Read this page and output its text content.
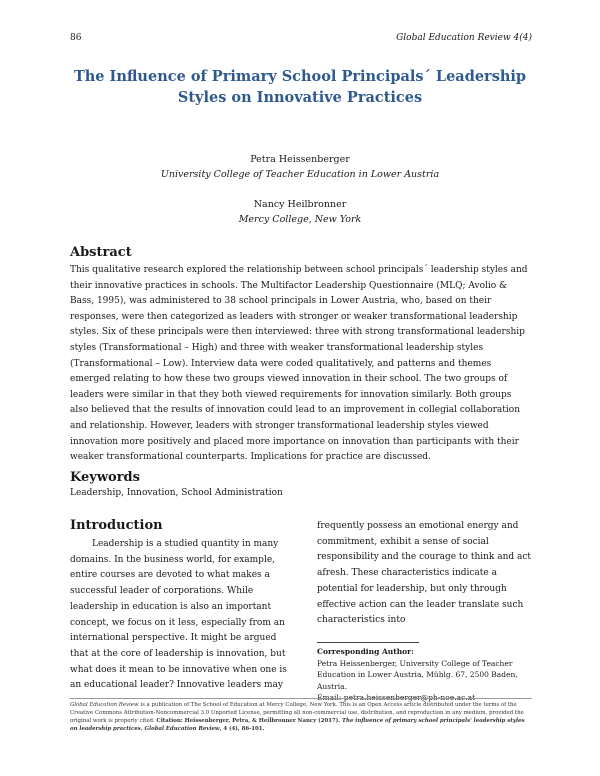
86	Global Education Review 4(4)
The Influence of Primary School Principals´ Leadership Styles on Innovative Practices
Petra Heissenberger
University College of Teacher Education in Lower Austria
Nancy Heilbronner
Mercy College, New York
Abstract

This qualitative research explored the relationship between school principals´ leadership styles and their innovative practices in schools. The Multifactor Leadership Questionnaire (MLQ; Avolio & Bass, 1995), was administered to 38 school principals in Lower Austria, who, based on their responses, were then categorized as leaders with stronger or weaker transformational leadership styles. Six of these principals were then interviewed: three with strong transformational leadership styles (Transformational – High) and three with weaker transformational leadership styles (Transformational – Low). Interview data were coded qualitatively, and patterns and themes emerged relating to how these two groups viewed innovation in their school. The two groups of leaders were similar in that they both viewed requirements for innovation similarly. Both groups also believed that the results of innovation could lead to an improvement in collegial collaboration and relationship. However, leaders with stronger transformational leadership styles viewed innovation more positively and placed more importance on innovation than participants with their weaker transformational counterparts. Implications for practice are discussed.

Keywords

Leadership, Innovation, School Administration

Introduction

Leadership is a studied quantity in many domains. In the business world, for example, entire courses are devoted to what makes a successful leader of corporations. While leadership in education is also an important concept, we focus on it less, especially from an international perspective. It might be argued that at the core of leadership is innovation, but what does it mean to be innovative when one is an educational leader? Innovative leaders may

frequently possess an emotional energy and commitment, exhibit a sense of social responsibility and the courage to think and act afresh. These characteristics indicate a potential for leadership, but only through effective action can the leader translate such characteristics into

Corresponding Author:
Petra Heissenberger, University College of Teacher
Education in Lower Austria, Mühlg. 67, 2500 Baden, Austria.
Email: petra.heissenberger@ph-noe.ac.at
Global Education Review is a publication of The School of Education at Mercy College, New York. This is an Open Access article distributed under the terms of the Creative Commons Attribution-Noncommercial 3.0 Unported License, permitting all non-commercial use, distribution, and reproduction in any medium, provided the original work is properly cited. Citation: Heissenberger, Petra, & Heilbronner Nancy (2017). The influence of primary school principals' leadership styles on leadership practices. Global Education Review, 4 (4), 86-101.
